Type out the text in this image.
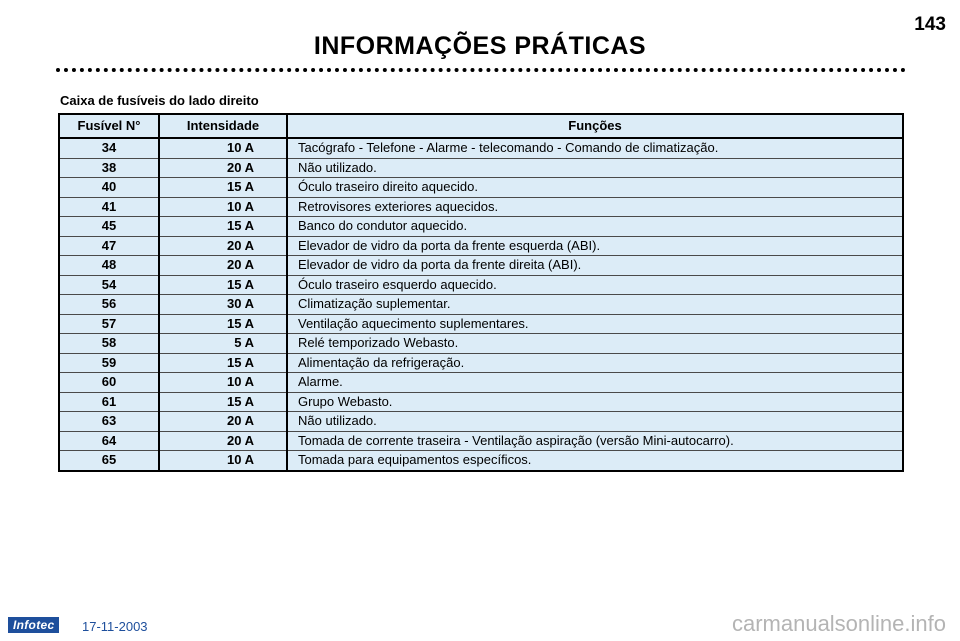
143
INFORMAÇÕES PRÁTICAS
Caixa de fusíveis do lado direito
Fusível N°	Intensidade	Funções
34	10 A	Tacógrafo - Telefone - Alarme - telecomando - Comando de climatização.
38	20 A	Não utilizado.
40	15 A	Óculo traseiro direito aquecido.
41	10 A	Retrovisores exteriores aquecidos.
45	15 A	Banco do condutor aquecido.
47	20 A	Elevador de vidro da porta da frente esquerda (ABI).
48	20 A	Elevador de vidro da porta da frente direita (ABI).
54	15 A	Óculo traseiro esquerdo aquecido.
56	30 A	Climatização suplementar.
57	15 A	Ventilação aquecimento suplementares.
58	5 A	Relé temporizado Webasto.
59	15 A	Alimentação da refrigeração.
60	10 A	Alarme.
61	15 A	Grupo Webasto.
63	20 A	Não utilizado.
64	20 A	Tomada de corrente traseira - Ventilação aspiração (versão Mini-autocarro).
65	10 A	Tomada para equipamentos específicos.
Infotec	17-11-2003	carmanualsonline.info
